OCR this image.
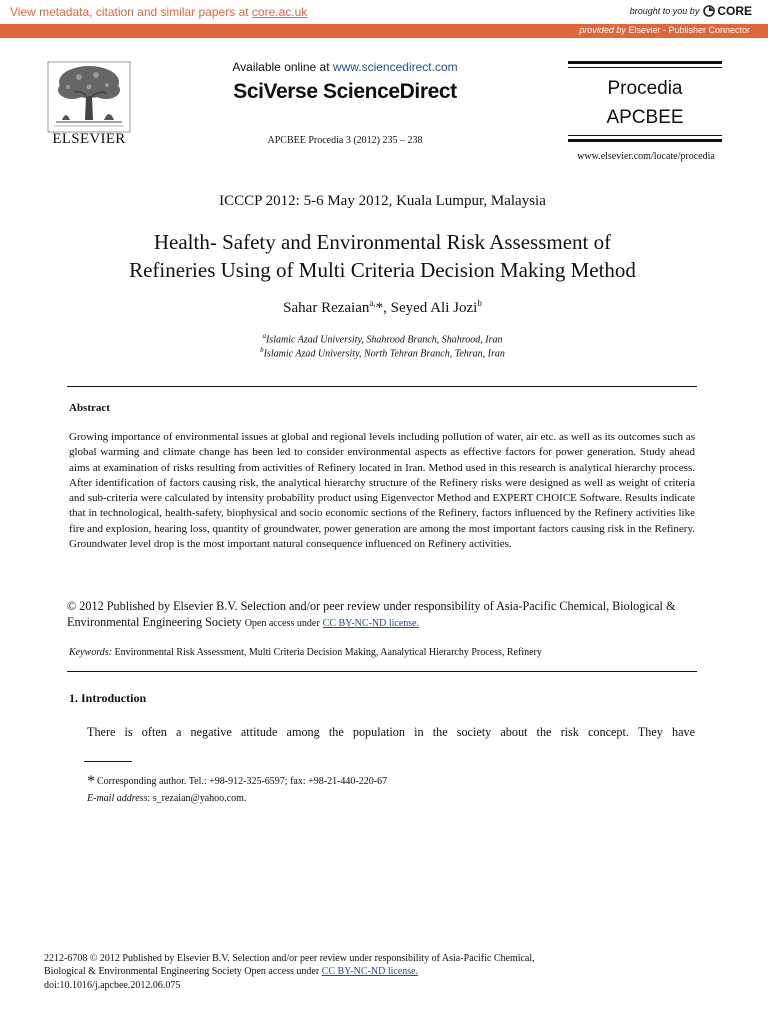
View metadata, citation and similar papers at core.ac.uk	brought to you by CORE
provided by Elsevier - Publisher Connector
ELSEVIER
Available online at www.sciencedirect.com
SciVerse ScienceDirect
APCBEE Procedia 3 (2012) 235 – 238
Procedia
APCBEE
www.elsevier.com/locate/procedia
ICCCP 2012: 5-6 May 2012, Kuala Lumpur, Malaysia
Health- Safety and Environmental Risk Assessment of
Refineries Using of Multi Criteria Decision Making Method
Sahar Rezaian$^{a,}$*, Seyed Ali Jozi$^b$
$^a$Islamic Azad University, Shahrood Branch, Shahrood, Iran
$^b$Islamic Azad University, North Tehran Branch, Tehran, Iran
Abstract
Growing importance of environmental issues at global and regional levels including pollution of water, air etc. as well as its outcomes such as global warming and climate change has been led to consider environmental aspects as effective factors for power generation. Study ahead aims at examination of risks resulting from activities of Refinery located in Iran. Method used in this research is analytical hierarchy process. After identification of factors causing risk, the analytical hierarchy structure of the Refinery risks were designed as well as weight of criteria and sub-criteria were calculated by intensity probability product using Eigenvector Method and EXPERT CHOICE Software. Results indicate that in technological, health-safety, biophysical and socio economic sections of the Refinery, factors influenced by the Refinery activities like fire and explosion, hearing loss, quantity of groundwater, power generation are among the most important factors causing risk in the Refinery. Groundwater level drop is the most important natural consequence influenced on Refinery activities.
© 2012 Published by Elsevier B.V. Selection and/or peer review under responsibility of Asia-Pacific Chemical, Biological & Environmental Engineering Society Open access under CC BY-NC-ND license.
Keywords: Environmental Risk Assessment, Multi Criteria Decision Making, Aanalytical Hierarchy Process, Refinery
1. Introduction
There is often a negative attitude among the population in the society about the risk concept. They have
* Corresponding author. Tel.: +98-912-325-6597; fax: +98-21-440-220-67
E-mail address: s_rezaian@yahoo.com.
2212-6708 © 2012 Published by Elsevier B.V. Selection and/or peer review under responsibility of Asia-Pacific Chemical,
Biological & Environmental Engineering Society Open access under CC BY-NC-ND license.
doi:10.1016/j.apcbee.2012.06.075
